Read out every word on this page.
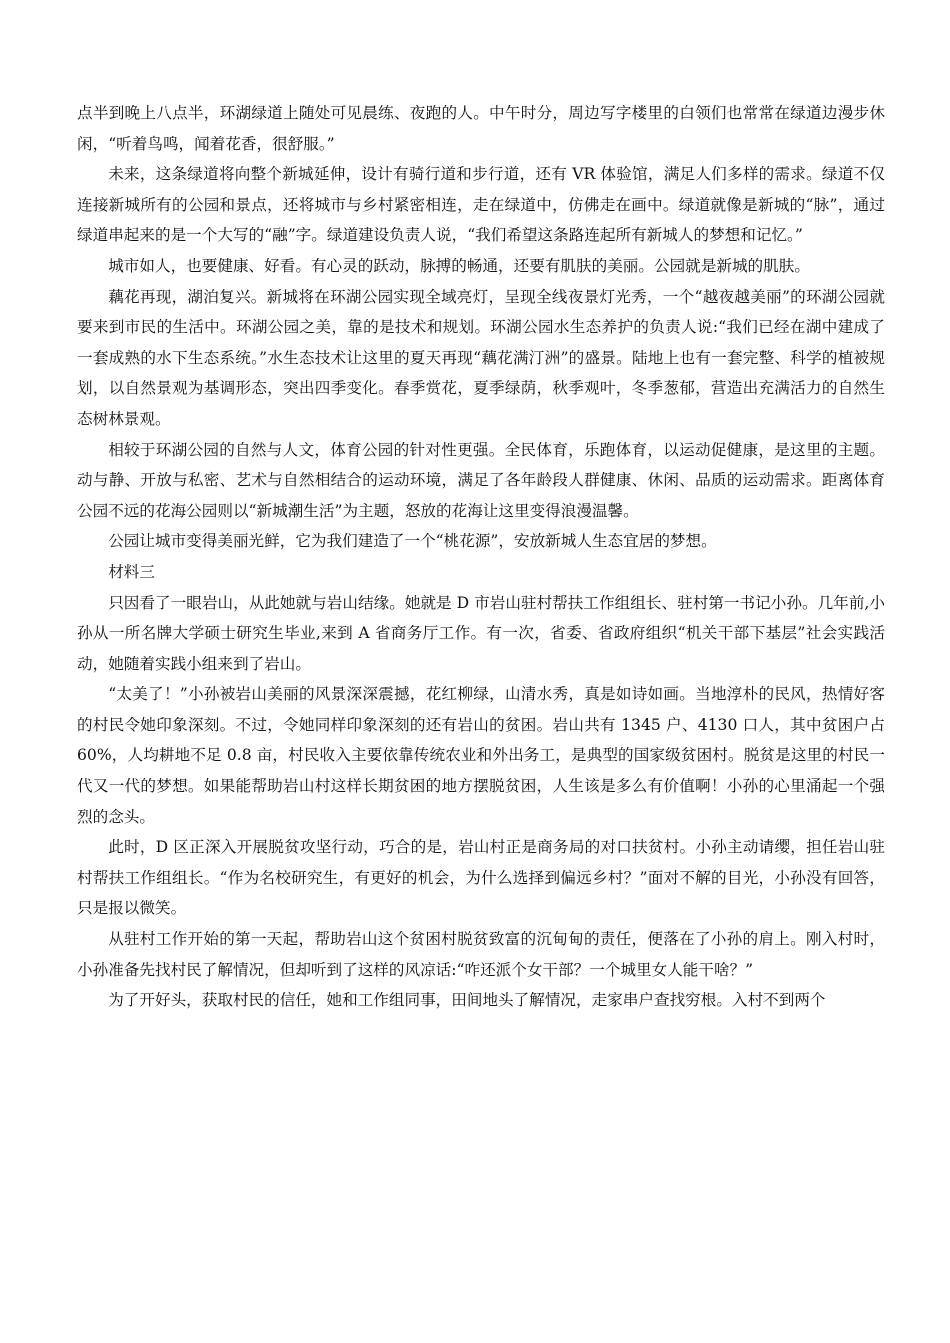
点半到晚上八点半，环湖绿道上随处可见晨练、夜跑的人。中午时分，周边写字楼里的白领们也常常在绿道边漫步休闲，“听着鸟鸣，闻着花香，很舒服。”

未来，这条绿道将向整个新城延伸，设计有骑行道和步行道，还有 VR 体验馆，满足人们多样的需求。绿道不仅连接新城所有的公园和景点，还将城市与乡村紧密相连，走在绿道中，仿佛走在画中。绿道就像是新城的“脉”，通过绿道串起来的是一个大写的“融”字。绿道建设负责人说，“我们希望这条路连起所有新城人的梦想和记忆。”

城市如人，也要健康、好看。有心灵的跃动，脉搏的畅通，还要有肌肤的美丽。公园就是新城的肌肤。

藕花再现，湖泊复兴。新城将在环湖公园实现全域亮灯，呈现全线夜景灯光秀，一个“越夜越美丽”的环湖公园就要来到市民的生活中。环湖公园之美，靠的是技术和规划。环湖公园水生态养护的负责人说:“我们已经在湖中建成了一套成熟的水下生态系统。”水生态技术让这里的夏天再现“藕花满汀洲”的盛景。陆地上也有一套完整、科学的植被规划，以自然景观为基调形态，突出四季变化。春季赏花，夏季绿荫，秋季观叶，冬季葱郁，营造出充满活力的自然生态树林景观。

相较于环湖公园的自然与人文，体育公园的针对性更强。全民体育，乐跑体育，以运动促健康，是这里的主题。动与静、开放与私密、艺术与自然相结合的运动环境，满足了各年龄段人群健康、休闲、品质的运动需求。距离体育公园不远的花海公园则以“新城潮生活”为主题，怒放的花海让这里变得浪漫温馨。

公园让城市变得美丽光鲜，它为我们建造了一个“桃花源”，安放新城人生态宜居的梦想。

材料三

只因看了一眼岩山，从此她就与岩山结缘。她就是 D 市岩山驻村帮扶工作组组长、驻村第一书记小孙。几年前,小孙从一所名牌大学硕士研究生毕业,来到 A 省商务厅工作。有一次，省委、省政府组织“机关干部下基层”社会实践活动，她随着实践小组来到了岩山。

“太美了！”小孙被岩山美丽的风景深深震撼，花红柳绿，山清水秀，真是如诗如画。当地淳朴的民风，热情好客的村民令她印象深刻。不过，令她同样印象深刻的还有岩山的贫困。岩山共有 1345 户、4130 口人，其中贫困户占 60%，人均耕地不足 0.8 亩，村民收入主要依靠传统农业和外出务工，是典型的国家级贫困村。脱贫是这里的村民一代又一代的梦想。如果能帮助岩山村这样长期贫困的地方摆脱贫困，人生该是多么有价值啊！小孙的心里涌起一个强烈的念头。

此时，D 区正深入开展脱贫攻坚行动，巧合的是，岩山村正是商务局的对口扶贫村。小孙主动请缨，担任岩山驻村帮扶工作组组长。“作为名校研究生，有更好的机会，为什么选择到偏远乡村？”面对不解的目光，小孙没有回答，只是报以微笑。

从驻村工作开始的第一天起，帮助岩山这个贫困村脱贫致富的沉甸甸的责任，便落在了小孙的肩上。刚入村时，小孙准备先找村民了解情况，但却听到了这样的风凉话:“咋还派个女干部？一个城里女人能干啥？”

为了开好头，获取村民的信任，她和工作组同事，田间地头了解情况，走家串户查找穷根。入村不到两个
